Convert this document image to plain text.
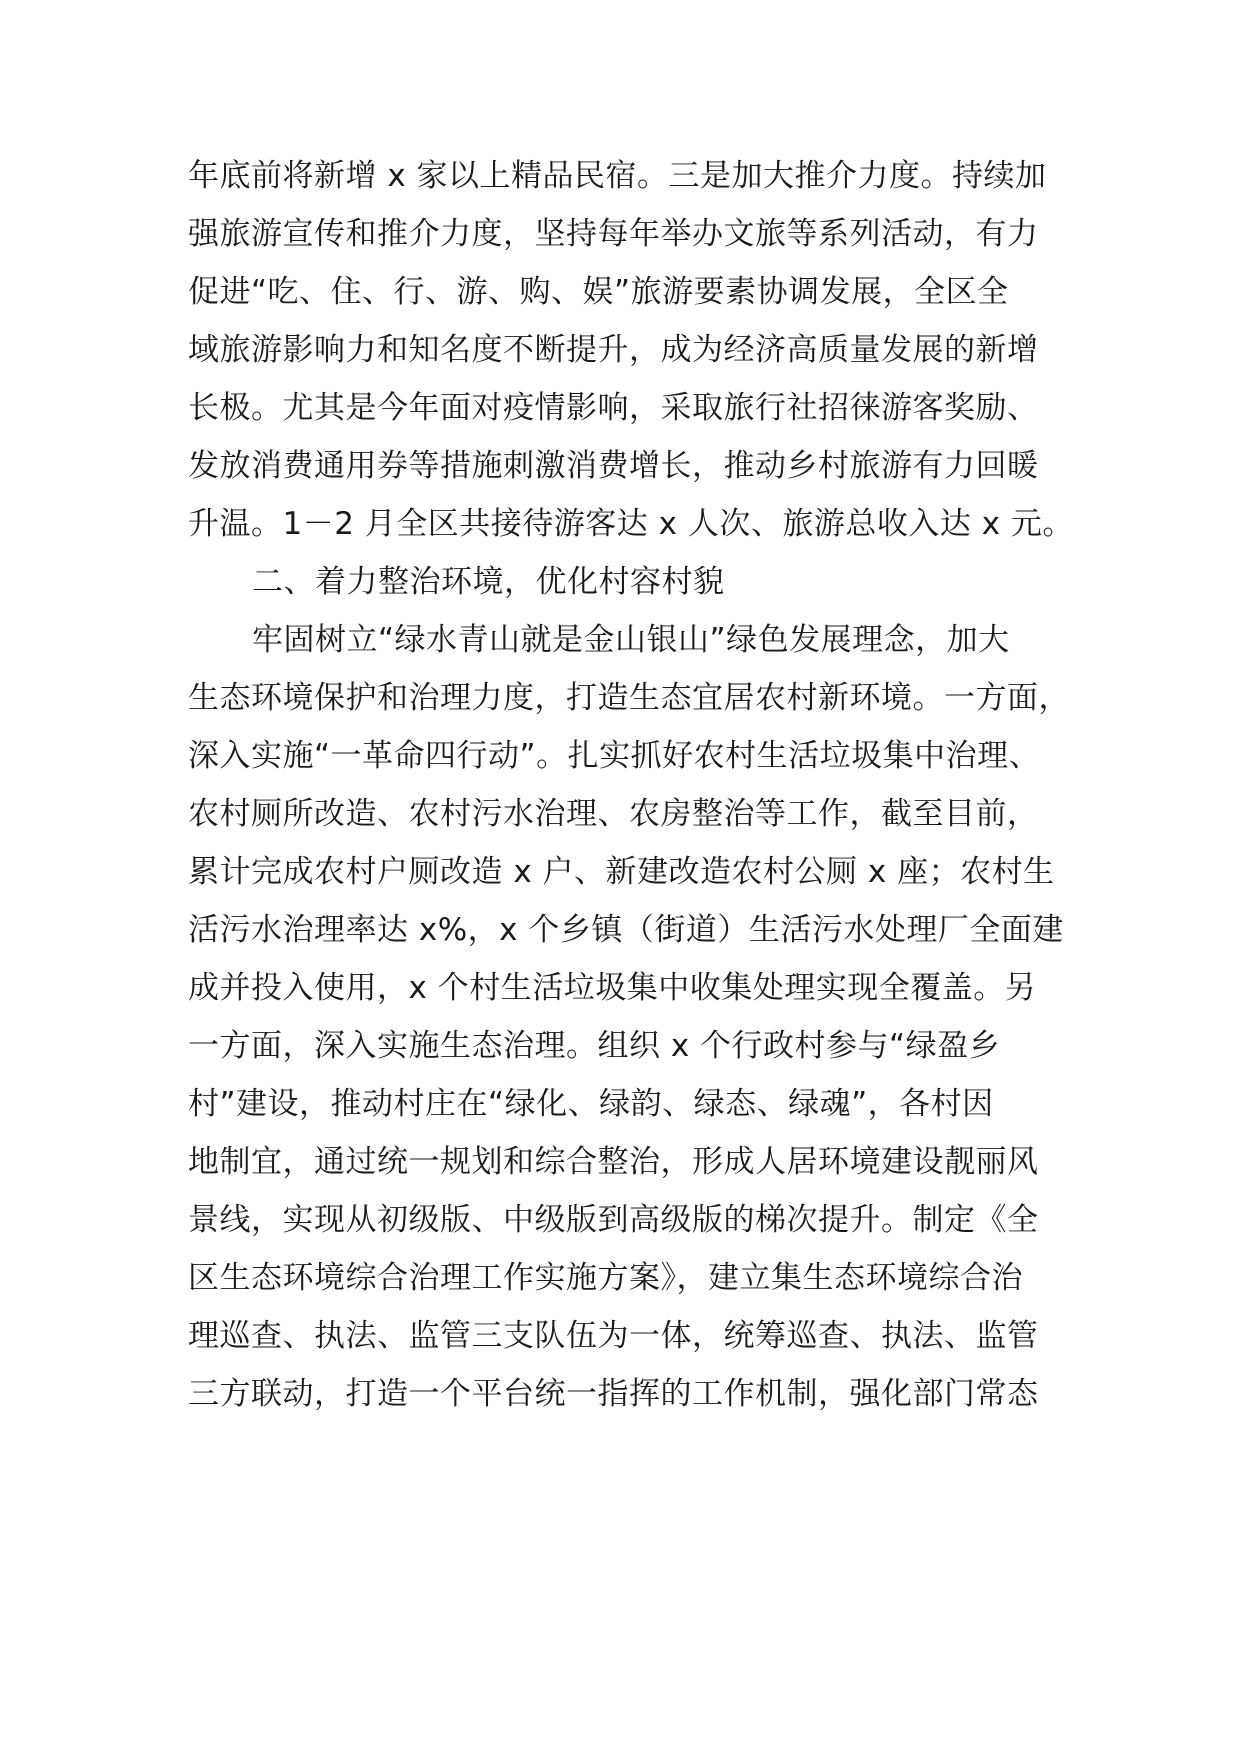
年底前将新增 x 家以上精品民宿。三是加大推介力度。持续加
强旅游宣传和推介力度，坚持每年举办文旅等系列活动，有力
促进“吃、住、行、游、购、娱”旅游要素协调发展，全区全
域旅游影响力和知名度不断提升，成为经济高质量发展的新增
长极。尤其是今年面对疫情影响，采取旅行社招徕游客奖励、
发放消费通用券等措施刺激消费增长，推动乡村旅游有力回暖
升温。1－2 月全区共接待游客达 x 人次、旅游总收入达 x 元。
二、着力整治环境，优化村容村貌
牢固树立“绿水青山就是金山银山”绿色发展理念，加大
生态环境保护和治理力度，打造生态宜居农村新环境。一方面，
深入实施“一革命四行动”。扎实抓好农村生活垃圾集中治理、
农村厕所改造、农村污水治理、农房整治等工作，截至目前，
累计完成农村户厕改造 x 户、新建改造农村公厕 x 座；农村生
活污水治理率达 x%，x 个乡镇（街道）生活污水处理厂全面建
成并投入使用，x 个村生活垃圾集中收集处理实现全覆盖。另
一方面，深入实施生态治理。组织 x 个行政村参与“绿盈乡
村”建设，推动村庄在“绿化、绿韵、绿态、绿魂”，各村因
地制宜，通过统一规划和综合整治，形成人居环境建设靓丽风
景线，实现从初级版、中级版到高级版的梯次提升。制定《全
区生态环境综合治理工作实施方案》，建立集生态环境综合治
理巡查、执法、监管三支队伍为一体，统筹巡查、执法、监管
三方联动，打造一个平台统一指挥的工作机制，强化部门常态
